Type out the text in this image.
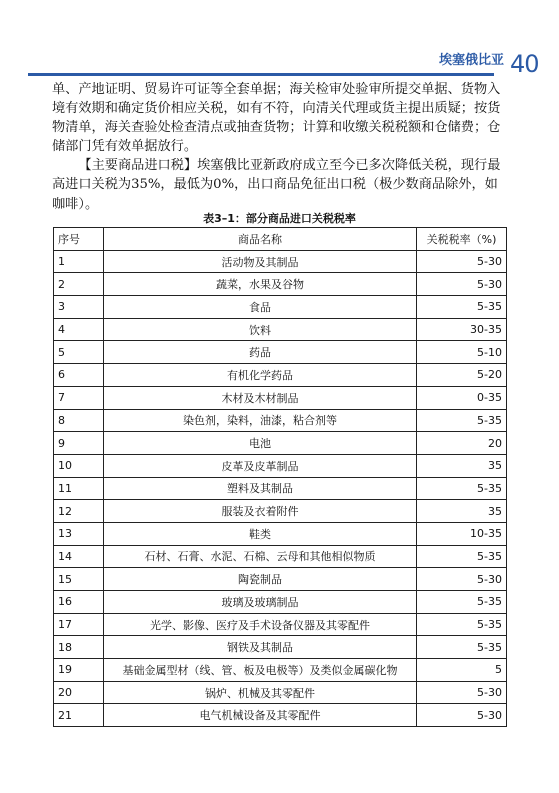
埃塞俄比亚 40

单、产地证明、贸易许可证等全套单据；海关检审处验审所提交单据、货物入境有效期和确定货价相应关税，如有不符，向清关代理或货主提出质疑；按货物清单，海关查验处检查清点或抽查货物；计算和收缴关税税额和仓储费；仓储部门凭有效单据放行。

【主要商品进口税】埃塞俄比亚新政府成立至今已多次降低关税，现行最高进口关税为35%，最低为0%，出口商品免征出口税（极少数商品除外，如咖啡）。

表3–1：部分商品进口关税税率
序号	商品名称	关税税率（%)
1	活动物及其制品	5-30
2	蔬菜，水果及谷物	5-30
3	食品	5-35
4	饮料	30-35
5	药品	5-10
6	有机化学药品	5-20
7	木材及木材制品	0-35
8	染色剂，染料，油漆，粘合剂等	5-35
9	电池	20
10	皮革及皮革制品	35
11	塑料及其制品	5-35
12	服装及衣着附件	35
13	鞋类	10-35
14	石材、石膏、水泥、石棉、云母和其他相似物质	5-35
15	陶瓷制品	5-30
16	玻璃及玻璃制品	5-35
17	光学、影像、医疗及手术设备仪器及其零配件	5-35
18	钢铁及其制品	5-35
19	基础金属型材（线、管、板及电极等）及类似金属碳化物	5
20	锅炉、机械及其零配件	5-30
21	电气机械设备及其零配件	5-30
